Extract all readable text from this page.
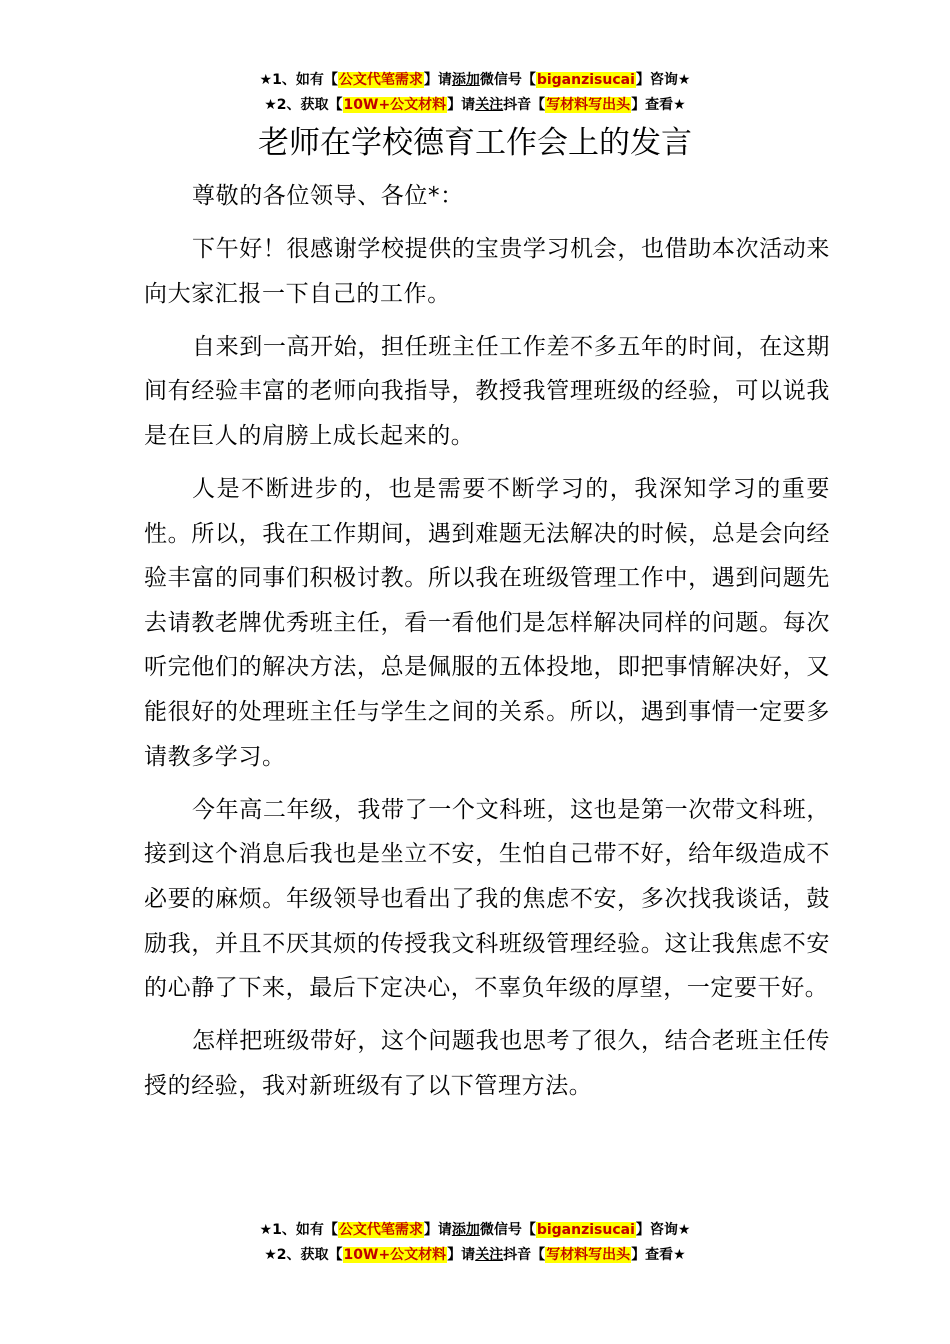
★1、如有【公文代笔需求】请添加微信号【biganzisucai】咨询★
★2、获取【10W+公文材料】请关注抖音【写材料写出头】查看★
老师在学校德育工作会上的发言

尊敬的各位领导、各位*：

下午好！很感谢学校提供的宝贵学习机会，也借助本次活动来向大家汇报一下自己的工作。

自来到一高开始，担任班主任工作差不多五年的时间，在这期间有经验丰富的老师向我指导，教授我管理班级的经验，可以说我是在巨人的肩膀上成长起来的。

人是不断进步的，也是需要不断学习的，我深知学习的重要性。所以，我在工作期间，遇到难题无法解决的时候，总是会向经验丰富的同事们积极讨教。所以我在班级管理工作中，遇到问题先去请教老牌优秀班主任，看一看他们是怎样解决同样的问题。每次听完他们的解决方法，总是佩服的五体投地，即把事情解决好，又能很好的处理班主任与学生之间的关系。所以，遇到事情一定要多请教多学习。

今年高二年级，我带了一个文科班，这也是第一次带文科班，接到这个消息后我也是坐立不安，生怕自己带不好，给年级造成不必要的麻烦。年级领导也看出了我的焦虑不安，多次找我谈话，鼓励我，并且不厌其烦的传授我文科班级管理经验。这让我焦虑不安的心静了下来，最后下定决心，不辜负年级的厚望，一定要干好。

怎样把班级带好，这个问题我也思考了很久，结合老班主任传授的经验，我对新班级有了以下管理方法。

★1、如有【公文代笔需求】请添加微信号【biganzisucai】咨询★
★2、获取【10W+公文材料】请关注抖音【写材料写出头】查看★
